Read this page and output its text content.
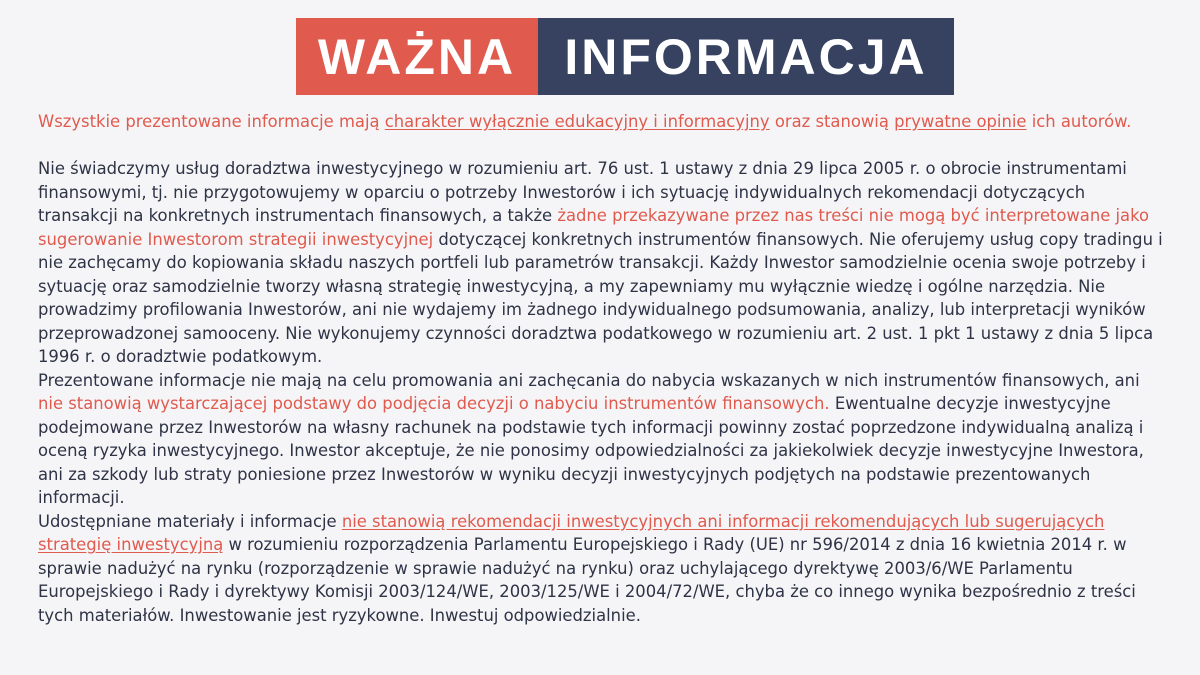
WAŻNA INFORMACJA

Wszystkie prezentowane informacje mają charakter wyłącznie edukacyjny i informacyjny oraz stanowią prywatne opinie ich autorów.

Nie świadczymy usług doradztwa inwestycyjnego w rozumieniu art. 76 ust. 1 ustawy z dnia 29 lipca 2005 r. o obrocie instrumentami finansowymi, tj. nie przygotowujemy w oparciu o potrzeby Inwestorów i ich sytuację indywidualnych rekomendacji dotyczących transakcji na konkretnych instrumentach finansowych, a także żadne przekazywane przez nas treści nie mogą być interpretowane jako sugerowanie Inwestorom strategii inwestycyjnej dotyczącej konkretnych instrumentów finansowych. Nie oferujemy usług copy tradingu i nie zachęcamy do kopiowania składu naszych portfeli lub parametrów transakcji. Każdy Inwestor samodzielnie ocenia swoje potrzeby i sytuację oraz samodzielnie tworzy własną strategię inwestycyjną, a my zapewniamy mu wyłącznie wiedzę i ogólne narzędzia. Nie prowadzimy profilowania Inwestorów, ani nie wydajemy im żadnego indywidualnego podsumowania, analizy, lub interpretacji wyników przeprowadzonej samooceny. Nie wykonujemy czynności doradztwa podatkowego w rozumieniu art. 2 ust. 1 pkt 1 ustawy z dnia 5 lipca 1996 r. o doradztwie podatkowym.

Prezentowane informacje nie mają na celu promowania ani zachęcania do nabycia wskazanych w nich instrumentów finansowych, ani nie stanowią wystarczającej podstawy do podjęcia decyzji o nabyciu instrumentów finansowych. Ewentualne decyzje inwestycyjne podejmowane przez Inwestorów na własny rachunek na podstawie tych informacji powinny zostać poprzedzone indywidualną analizą i oceną ryzyka inwestycyjnego. Inwestor akceptuje, że nie ponosimy odpowiedzialności za jakiekolwiek decyzje inwestycyjne Inwestora, ani za szkody lub straty poniesione przez Inwestorów w wyniku decyzji inwestycyjnych podjętych na podstawie prezentowanych informacji.

Udostępniane materiały i informacje nie stanowią rekomendacji inwestycyjnych ani informacji rekomendujących lub sugerujących strategię inwestycyjną w rozumieniu rozporządzenia Parlamentu Europejskiego i Rady (UE) nr 596/2014 z dnia 16 kwietnia 2014 r. w sprawie nadużyć na rynku (rozporządzenie w sprawie nadużyć na rynku) oraz uchylającego dyrektywę 2003/6/WE Parlamentu Europejskiego i Rady i dyrektywy Komisji 2003/124/WE, 2003/125/WE i 2004/72/WE, chyba że co innego wynika bezpośrednio z treści tych materiałów. Inwestowanie jest ryzykowne. Inwestuj odpowiedzialnie.
